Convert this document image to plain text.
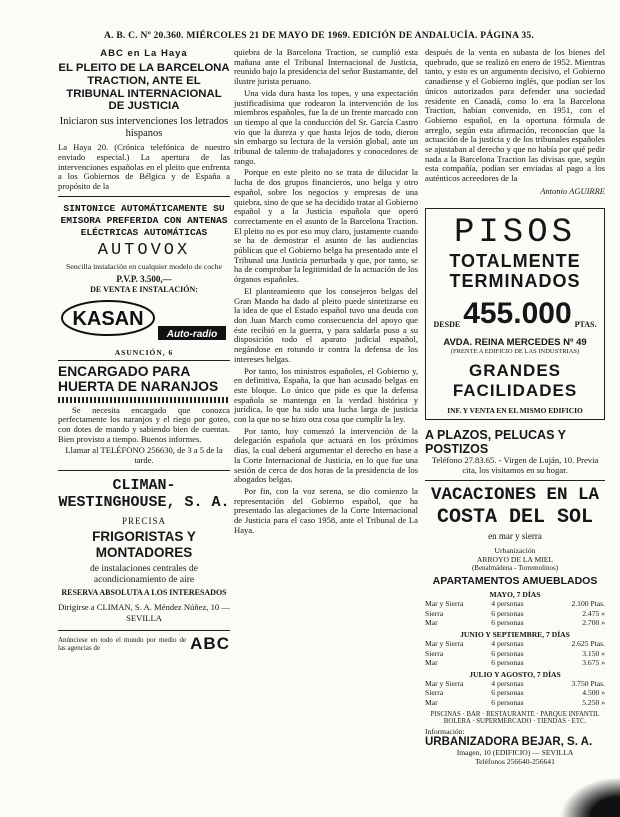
A. B. C. Nº 20.360. MIÉRCOLES 21 DE MAYO DE 1969. EDICIÓN DE ANDALUCÍA. PÁGINA 35.
ABC en La Haya
EL PLEITO DE LA BARCELONA TRACTION, ANTE EL TRIBUNAL INTERNACIONAL DE JUSTICIA
Iniciaron sus intervenciones los letrados hispanos

La Haya 20. (Crónica telefónica de nuestro enviado especial.) La apertura de las intervenciones españolas en el pleito que enfrenta a los Gobiernos de Bélgica y de España a propósito de la

SINTONICE AUTOMÁTICAMENTE SU EMISORA PREFERIDA CON ANTENAS ELÉCTRICAS AUTOMÁTICAS
AUTOVOX
Sencilla instalación en cualquier modelo de coche
P.V.P. 3.500,—
DE VENTA E INSTALACIÓN:
KASAN
Auto-radio
ASUNCIÓN, 6
ENCARGADO PARA HUERTA DE NARANJOS

Se necesita encargado que conozca perfectamente los naranjos y el riego por goteo, con dotes de mando y sabiendo bien de cuentas. Bien provisto a tiempo. Buenos informes.

Llamar al TELÉFONO 256630, de 3 a 5 de la tarde.

CLIMAN-WESTINGHOUSE, S. A.
PRECISA
FRIGORISTAS Y MONTADORES
de instalaciones centrales de acondicionamiento de aire
RESERVA ABSOLUTA A LOS INTERESADOS
Dirigirse a CLIMAN, S. A. Méndez Núñez, 10 — SEVILLA
Anúnciese en todo el mundo por medio de las agencias de	ABC

quiebra de la Barcelona Traction, se cumplió esta mañana ante el Tribunal Internacional de Justicia, reunido bajo la presidencia del señor Bustamante, del ilustre jurista peruano.

Una vida dura hasta los topes, y una expectación justificadísima que rodearon la intervención de los miembros españoles, fue la de un frente marcado con un tiempo al que la conducción del Sr. García Castro vio que la dureza y que hasta lejos de todo, dieron sin embargo su lectura de la versión global, ante un tribunal de talento de trabajadores y conocedores de rango.

Porque en este pleito no se trata de dilucidar la lucha de dos grupos financieros, uno belga y otro español, sobre los negocios y empresas de una quiebra, sino de que se ha decidido tratar al Gobierno español y a la Justicia española que operó correctamente en el asunto de la Barcelona Traction. El pleito no es por eso muy claro, justamente cuando se ha de demostrar el asunto de las audiencias públicas que el Gobierno belga ha presentado ante el Tribunal una Justicia perturbada y que, por tanto, se ha de comprobar la legitimidad de la actuación de los órganos españoles.

El planteamiento que los consejeros belgas del Gran Mando ha dado al pleito puede sintetizarse en la idea de que el Estado español tuvo una deuda con don Juan March como consecuencia del apoyo que éste recibió en la guerra, y para saldarla puso a su disposición todo el aparato judicial español, negándose en rotundo ir contra la defensa de los intereses belgas.

Por tanto, los ministros españoles, el Gobierno y, en definitiva, España, la que han acusado belgas en este bloque. Lo único que pide es que la defensa española se mantenga en la verdad histórica y jurídica, lo que ha sido una lucha larga de justicia con la que no se hizo otra cosa que cumplir la ley.

Por tanto, hoy comenzó la intervención de la delegación española que actuará en los próximos días, la cual deberá argumentar el derecho en base a la Corte Internacional de Justicia, en lo que fue una sesión de cerca de dos horas de la presidencia de los abogados belgas.

Por fin, con la voz serena, se dio comienzo la representación del Gobierno español, que ha presentado las alegaciones de la Corte Internacional de Justicia para el caso 1958, ante el Tribunal de La Haya.

después de la venta en subasta de los bienes del quebrado, que se realizó en enero de 1952. Mientras tanto, y esto es un argumento decisivo, el Gobierno canadiense y el Gobierno inglés, que podían ser los únicos autorizados para defender una sociedad residente en Canadá, como lo era la Barcelona Traction, habían convenido, en 1951, con el Gobierno español, en la oportuna fórmula de arreglo, según esta afirmación, reconocían que la actuación de la justicia y de los tribunales españoles se ajustaban al derecho y que no había por qué pedir nada a la Barcelona Traction las divisas que, según esta compañía, podían ser enviadas al pago a los auténticos acreedores de la

Antonio AGUIRRE
PISOS
TOTALMENTE
TERMINADOS
DESDE 455.000 PTAS.
AVDA. REINA MERCEDES Nº 49
(FRENTE A EDIFICIO DE LAS INDUSTRIAS)
GRANDES
FACILIDADES
INF. Y VENTA EN EL MISMO EDIFICIO
A PLAZOS, PELUCAS Y POSTIZOS

Teléfono 27.83.65. - Virgen de Luján, 10. Previa cita, los visitamos en su hogar.

VACACIONES EN LA
COSTA DEL SOL
en mar y sierra
Urbanización
ARROYO DE LA MIEL
(Benalmádena - Torremolinos)
APARTAMENTOS AMUEBLADOS
MAYO, 7 DÍAS
Mar y Sierra	4 personas	2.100 Ptas.
Sierra	6 personas	2.475 »
Mar	6 personas	2.700 »
JUNIO Y SEPTIEMBRE, 7 DÍAS
Mar y Sierra	4 personas	2.625 Ptas.
Sierra	6 personas	3.150 »
Mar	6 personas	3.675 »
JULIO Y AGOSTO, 7 DÍAS
Mar y Sierra	4 personas	3.750 Ptas.
Sierra	6 personas	4.500 »
Mar	6 personas	5.250 »
PISCINAS · BAR · RESTAURANTE · PARQUE INFANTIL
BOLERA · SUPERMERCADO · TIENDAS · ETC.
Información:
URBANIZADORA BEJAR, S. A.
Imagen, 10 (EDIFICIO) — SEVILLA
Teléfonos 256640-256641
